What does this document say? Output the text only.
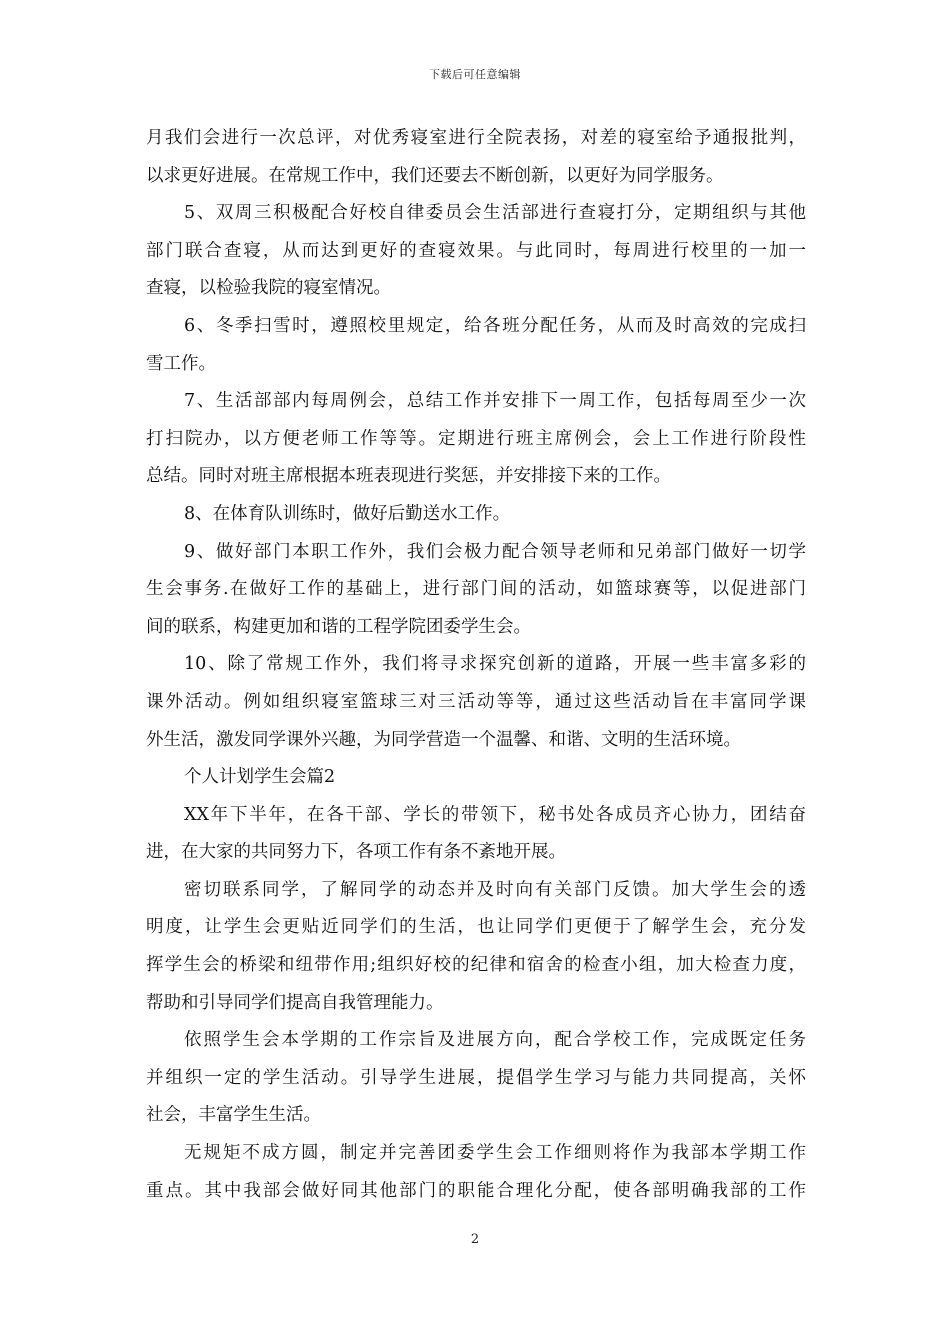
下载后可任意编辑
月我们会进行一次总评，对优秀寝室进行全院表扬，对差的寝室给予通报批判，
以求更好进展。在常规工作中，我们还要去不断创新，以更好为同学服务。
5、双周三积极配合好校自律委员会生活部进行查寝打分，定期组织与其他
部门联合查寝，从而达到更好的查寝效果。与此同时，每周进行校里的一加一
查寝，以检验我院的寝室情况。
6、冬季扫雪时，遵照校里规定，给各班分配任务，从而及时高效的完成扫
雪工作。
7、生活部部内每周例会，总结工作并安排下一周工作，包括每周至少一次
打扫院办，以方便老师工作等等。定期进行班主席例会，会上工作进行阶段性
总结。同时对班主席根据本班表现进行奖惩，并安排接下来的工作。
8、在体育队训练时，做好后勤送水工作。
9、做好部门本职工作外，我们会极力配合领导老师和兄弟部门做好一切学
生会事务.在做好工作的基础上，进行部门间的活动，如篮球赛等，以促进部门
间的联系，构建更加和谐的工程学院团委学生会。
10、除了常规工作外，我们将寻求探究创新的道路，开展一些丰富多彩的
课外活动。例如组织寝室篮球三对三活动等等，通过这些活动旨在丰富同学课
外生活，激发同学课外兴趣，为同学营造一个温馨、和谐、文明的生活环境。
个人计划学生会篇2
XX年下半年，在各干部、学长的带领下，秘书处各成员齐心协力，团结奋
进，在大家的共同努力下，各项工作有条不紊地开展。
密切联系同学，了解同学的动态并及时向有关部门反馈。加大学生会的透
明度，让学生会更贴近同学们的生活，也让同学们更便于了解学生会，充分发
挥学生会的桥梁和纽带作用;组织好校的纪律和宿舍的检查小组，加大检查力度，
帮助和引导同学们提高自我管理能力。
依照学生会本学期的工作宗旨及进展方向，配合学校工作，完成既定任务
并组织一定的学生活动。引导学生进展，提倡学生学习与能力共同提高，关怀
社会，丰富学生生活。
无规矩不成方圆，制定并完善团委学生会工作细则将作为我部本学期工作
重点。其中我部会做好同其他部门的职能合理化分配，使各部明确我部的工作
2
